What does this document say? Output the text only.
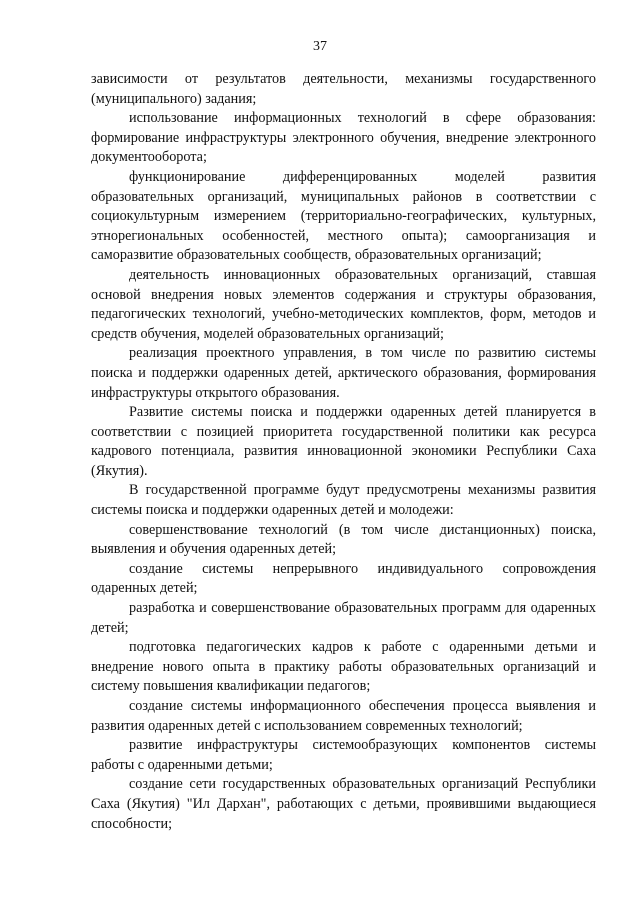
37

зависимости от результатов деятельности, механизмы государственного (муниципального) задания;

использование информационных технологий в сфере образования: формирование инфраструктуры электронного обучения, внедрение электронного документооборота;

функционирование дифференцированных моделей развития образовательных организаций, муниципальных районов в соответствии с социокультурным измерением (территориально-географических, культурных, этнорегиональных особенностей, местного опыта); самоорганизация и саморазвитие образовательных сообществ, образовательных организаций;

деятельность инновационных образовательных организаций, ставшая основой внедрения новых элементов содержания и структуры образования, педагогических технологий, учебно-методических комплектов, форм, методов и средств обучения, моделей образовательных организаций;

реализация проектного управления, в том числе по развитию системы поиска и поддержки одаренных детей, арктического образования, формирования инфраструктуры открытого образования.

Развитие системы поиска и поддержки одаренных детей планируется в соответствии с позицией приоритета государственной политики как ресурса кадрового потенциала, развития инновационной экономики Республики Саха (Якутия).

В государственной программе будут предусмотрены механизмы развития системы поиска и поддержки одаренных детей и молодежи:

совершенствование технологий (в том числе дистанционных) поиска, выявления и обучения одаренных детей;

создание системы непрерывного индивидуального сопровождения одаренных детей;

разработка и совершенствование образовательных программ для одаренных детей;

подготовка педагогических кадров к работе с одаренными детьми и внедрение нового опыта в практику работы образовательных организаций и систему повышения квалификации педагогов;

создание системы информационного обеспечения процесса выявления и развития одаренных детей с использованием современных технологий;

развитие инфраструктуры системообразующих компонентов системы работы с одаренными детьми;

создание сети государственных образовательных организаций Республики Саха (Якутия) "Ил Дархан", работающих с детьми, проявившими выдающиеся способности;
